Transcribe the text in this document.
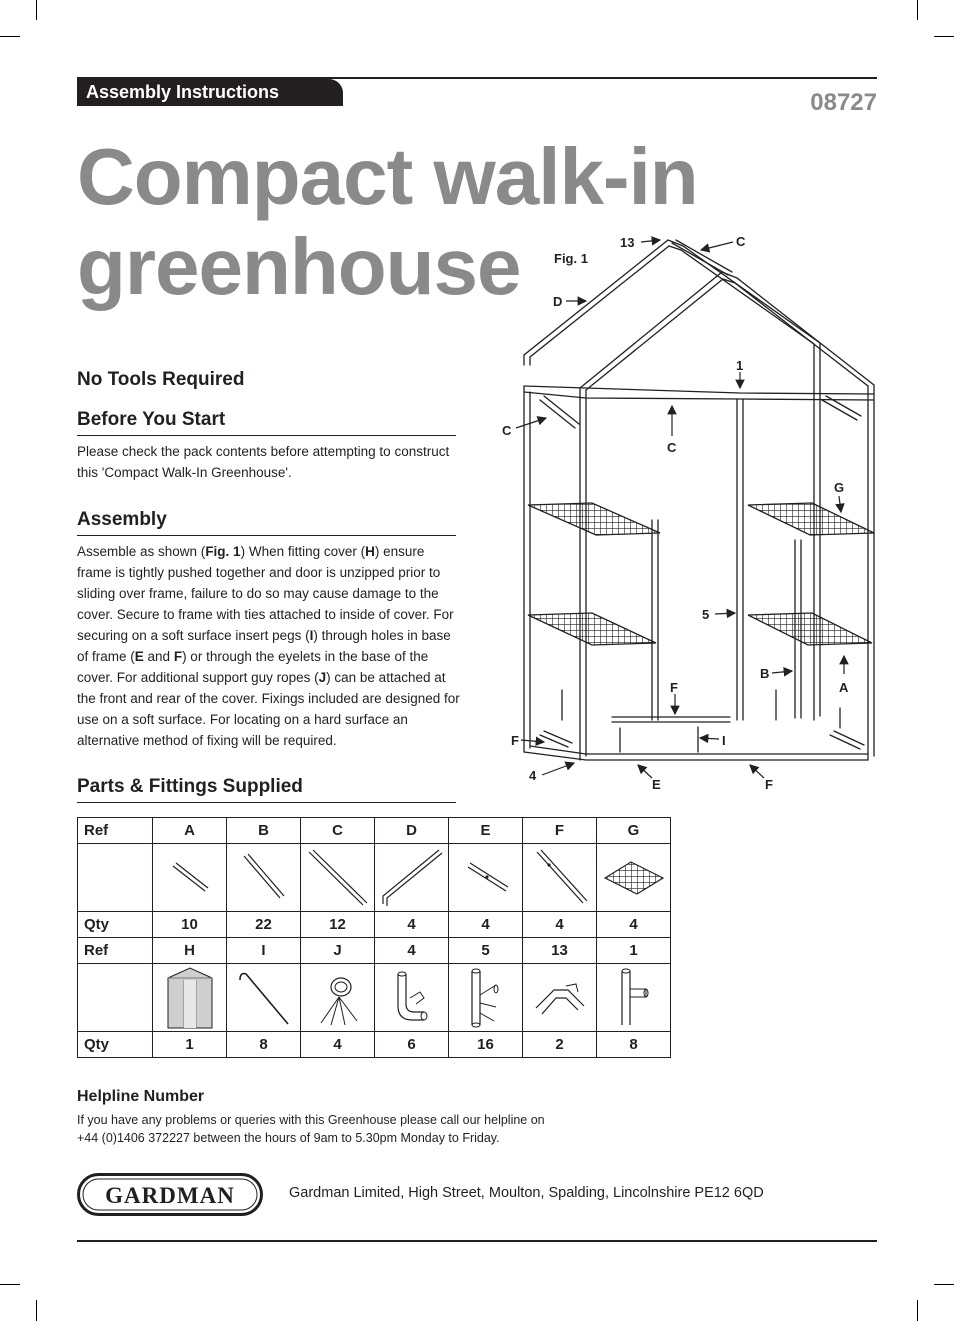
Assembly Instructions	08727
Compact walk-in
greenhouse
No Tools Required
Before You Start
Please check the pack contents before attempting to construct this 'Compact Walk-In Greenhouse'.
Assembly
Assemble as shown (Fig. 1) When fitting cover (H) ensure frame is tightly pushed together and door is unzipped prior to sliding over frame, failure to do so may cause damage to the cover. Secure to frame with ties attached to inside of cover. For securing on a soft surface insert pegs (I) through holes in base of frame (E and F) or through the eyelets in the base of the cover. For additional support guy ropes (J) can be attached at the front and rear of the cover. Fixings included are designed for use on a soft surface. For locating on a hard surface an alternative method of fixing will be required.
Parts & Fittings Supplied
Fig. 1
13	C
D
1
C
C
G
5
B
A
F
F	I
4
E	F
Ref	A	B	C	D	E	F	G

Qty	10	22	12	4	4	4	4
Ref	H	I	J	4	5	13	1

Qty	1	8	4	6	16	2	8
Helpline Number
If you have any problems or queries with this Greenhouse please call our helpline on +44 (0)1406 372227 between the hours of 9am to 5.30pm Monday to Friday.
GARDMAN	Gardman Limited, High Street, Moulton, Spalding, Lincolnshire PE12 6QD
